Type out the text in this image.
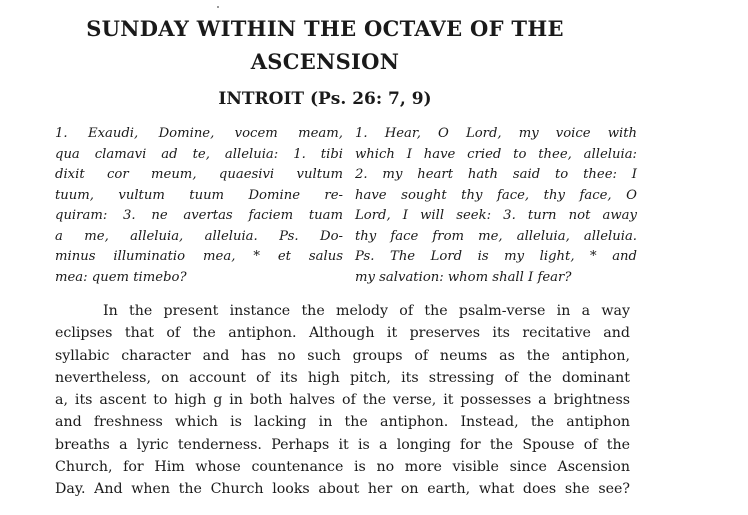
SUNDAY WITHIN THE OCTAVE OF THE
ASCENSION
INTROIT (Ps. 26: 7, 9)
1. Exaudi, Domine, vocem meam,
qua clamavi ad te, alleluia: 1. tibi
dixit cor meum, quaesivi vultum
tuum, vultum tuum Domine re-
quiram: 3. ne avertas faciem tuam
a me, alleluia, alleluia. Ps. Do-
minus illuminatio mea, * et salus
mea: quem timebo?
1. Hear, O Lord, my voice with
which I have cried to thee, alleluia:
2. my heart hath said to thee: I
have sought thy face, thy face, O
Lord, I will seek: 3. turn not away
thy face from me, alleluia, alleluia.
Ps. The Lord is my light, * and
my salvation: whom shall I fear?
In the present instance the melody of the psalm-verse in a way
eclipses that of the antiphon. Although it preserves its recitative and
syllabic character and has no such groups of neums as the antiphon,
nevertheless, on account of its high pitch, its stressing of the dominant
a, its ascent to high g in both halves of the verse, it possesses a brightness
and freshness which is lacking in the antiphon. Instead, the antiphon
breaths a lyric tenderness. Perhaps it is a longing for the Spouse of the
Church, for Him whose countenance is no more visible since Ascension
Day. And when the Church looks about her on earth, what does she see?
